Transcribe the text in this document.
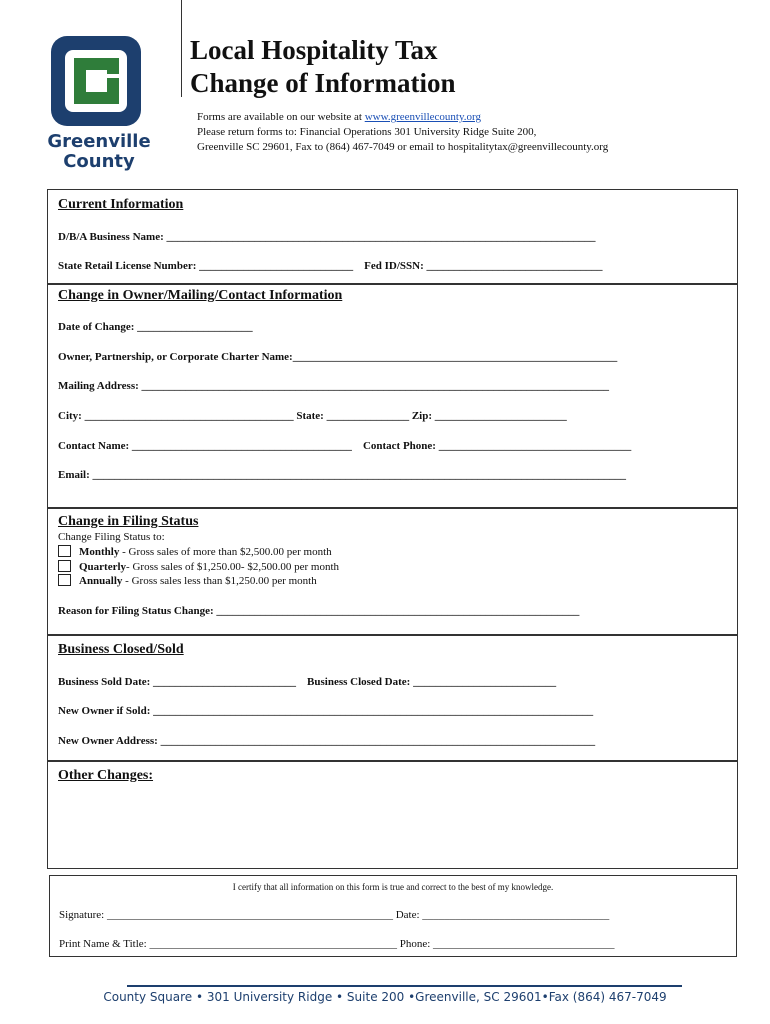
Greenville
County
Local Hospitality Tax
Change of Information
Forms are available on our website at www.greenvillecounty.org
Please return forms to: Financial Operations 301 University Ridge Suite 200,
Greenville SC 29601, Fax to (864) 467-7049 or email to hospitalitytax@greenvillecounty.org
Current Information
D/B/A Business Name: ______________________________________________________________________________
State Retail License Number: ____________________________ Fed ID/SSN: ________________________________
Change in Owner/Mailing/Contact Information
Date of Change: _____________________
Owner, Partnership, or Corporate Charter Name:___________________________________________________________
Mailing Address: _____________________________________________________________________________________
City: ______________________________________ State: _______________ Zip: ________________________
Contact Name: ________________________________________ Contact Phone: ___________________________________
Email: _________________________________________________________________________________________________
Change in Filing Status
Change Filing Status to:
Monthly - Gross sales of more than $2,500.00 per month
Quarterly- Gross sales of $1,250.00- $2,500.00 per month
Annually - Gross sales less than $1,250.00 per month
Reason for Filing Status Change: __________________________________________________________________
Business Closed/Sold
Business Sold Date: __________________________ Business Closed Date: __________________________
New Owner if Sold: ________________________________________________________________________________
New Owner Address: _______________________________________________________________________________
Other Changes:
I certify that all information on this form is true and correct to the best of my knowledge.
Signature: ____________________________________________________ Date: __________________________________
Print Name & Title: _____________________________________________ Phone: _________________________________
County Square • 301 University Ridge • Suite 200 •Greenville, SC 29601•Fax (864) 467-7049
